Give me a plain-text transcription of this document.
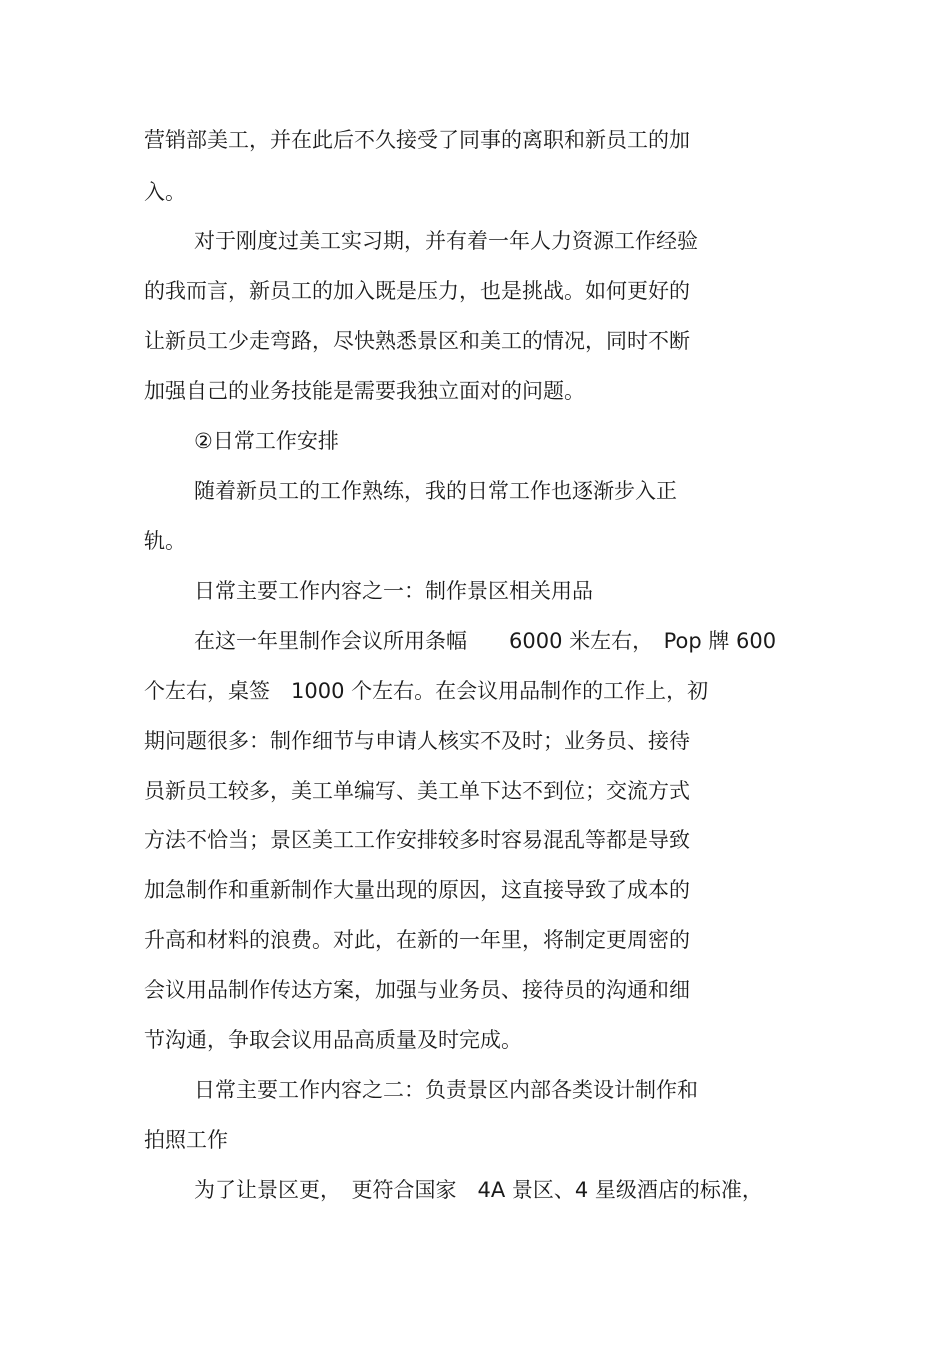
营销部美工，并在此后不久接受了同事的离职和新员工的加
入。
对于刚度过美工实习期，并有着一年人力资源工作经验
的我而言，新员工的加入既是压力，也是挑战。如何更好的
让新员工少走弯路，尽快熟悉景区和美工的情况，同时不断
加强自己的业务技能是需要我独立面对的问题。
②日常工作安排
随着新员工的工作熟练，我的日常工作也逐渐步入正
轨。
日常主要工作内容之一：制作景区相关用品
在这一年里制作会议所用条幅　　6000 米左右，　Pop 牌 600
个左右，桌签　1000 个左右。在会议用品制作的工作上，初
期问题很多：制作细节与申请人核实不及时；业务员、接待
员新员工较多，美工单编写、美工单下达不到位；交流方式
方法不恰当；景区美工工作安排较多时容易混乱等都是导致
加急制作和重新制作大量出现的原因，这直接导致了成本的
升高和材料的浪费。对此，在新的一年里，将制定更周密的
会议用品制作传达方案，加强与业务员、接待员的沟通和细
节沟通，争取会议用品高质量及时完成。
日常主要工作内容之二：负责景区内部各类设计制作和
拍照工作
为了让景区更，　更符合国家　4A 景区、4 星级酒店的标准，
